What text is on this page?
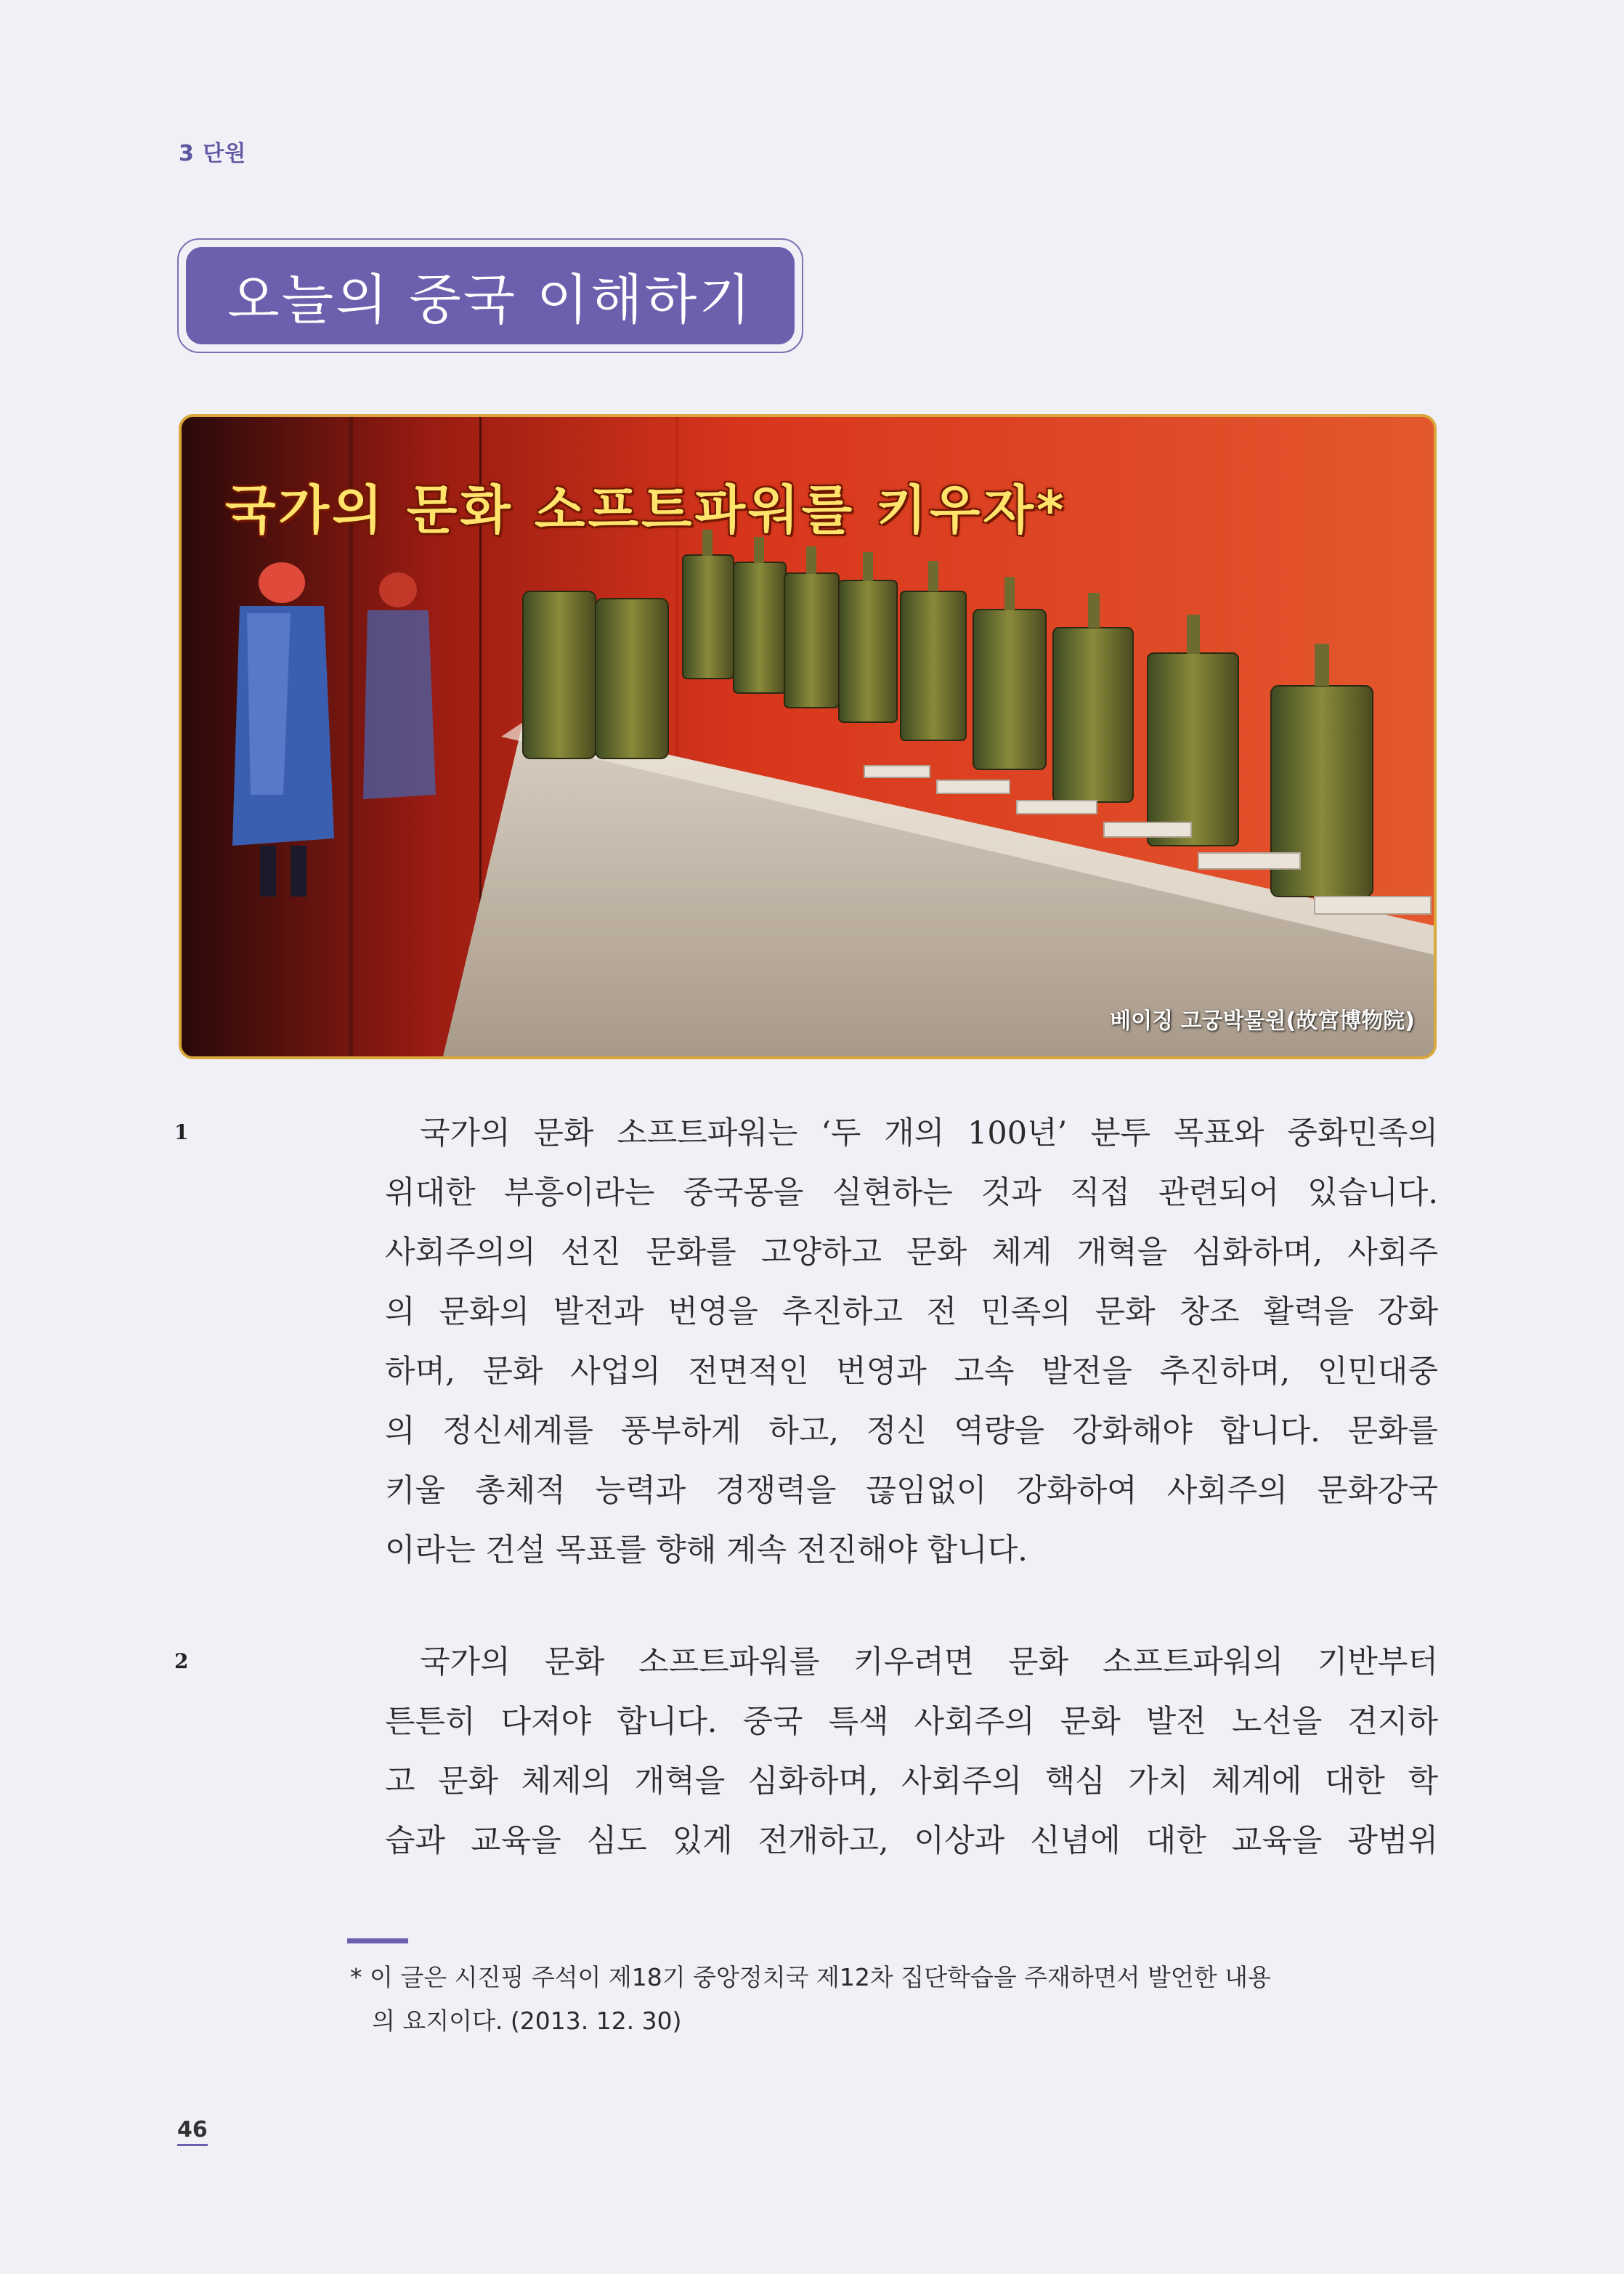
3 단원
오늘의 중국 이해하기
국가의 문화 소프트파워를 키우자*
베이징 고궁박물원(故宮博物院)
1	국가의 문화 소프트파워는 ‘두 개의 100년’ 분투 목표와 중화민족의
위대한 부흥이라는 중국몽을 실현하는 것과 직접 관련되어 있습니다.
사회주의의 선진 문화를 고양하고 문화 체계 개혁을 심화하며, 사회주
의 문화의 발전과 번영을 추진하고 전 민족의 문화 창조 활력을 강화
하며, 문화 사업의 전면적인 번영과 고속 발전을 추진하며, 인민대중
의 정신세계를 풍부하게 하고, 정신 역량을 강화해야 합니다. 문화를
키울 총체적 능력과 경쟁력을 끊임없이 강화하여 사회주의 문화강국
이라는 건설 목표를 향해 계속 전진해야 합니다.
2	국가의 문화 소프트파워를 키우려면 문화 소프트파워의 기반부터
튼튼히 다져야 합니다. 중국 특색 사회주의 문화 발전 노선을 견지하
고 문화 체제의 개혁을 심화하며, 사회주의 핵심 가치 체계에 대한 학
습과 교육을 심도 있게 전개하고, 이상과 신념에 대한 교육을 광범위
* 이 글은 시진핑 주석이 제18기 중앙정치국 제12차 집단학습을 주재하면서 발언한 내용
의 요지이다. (2013. 12. 30)
46
